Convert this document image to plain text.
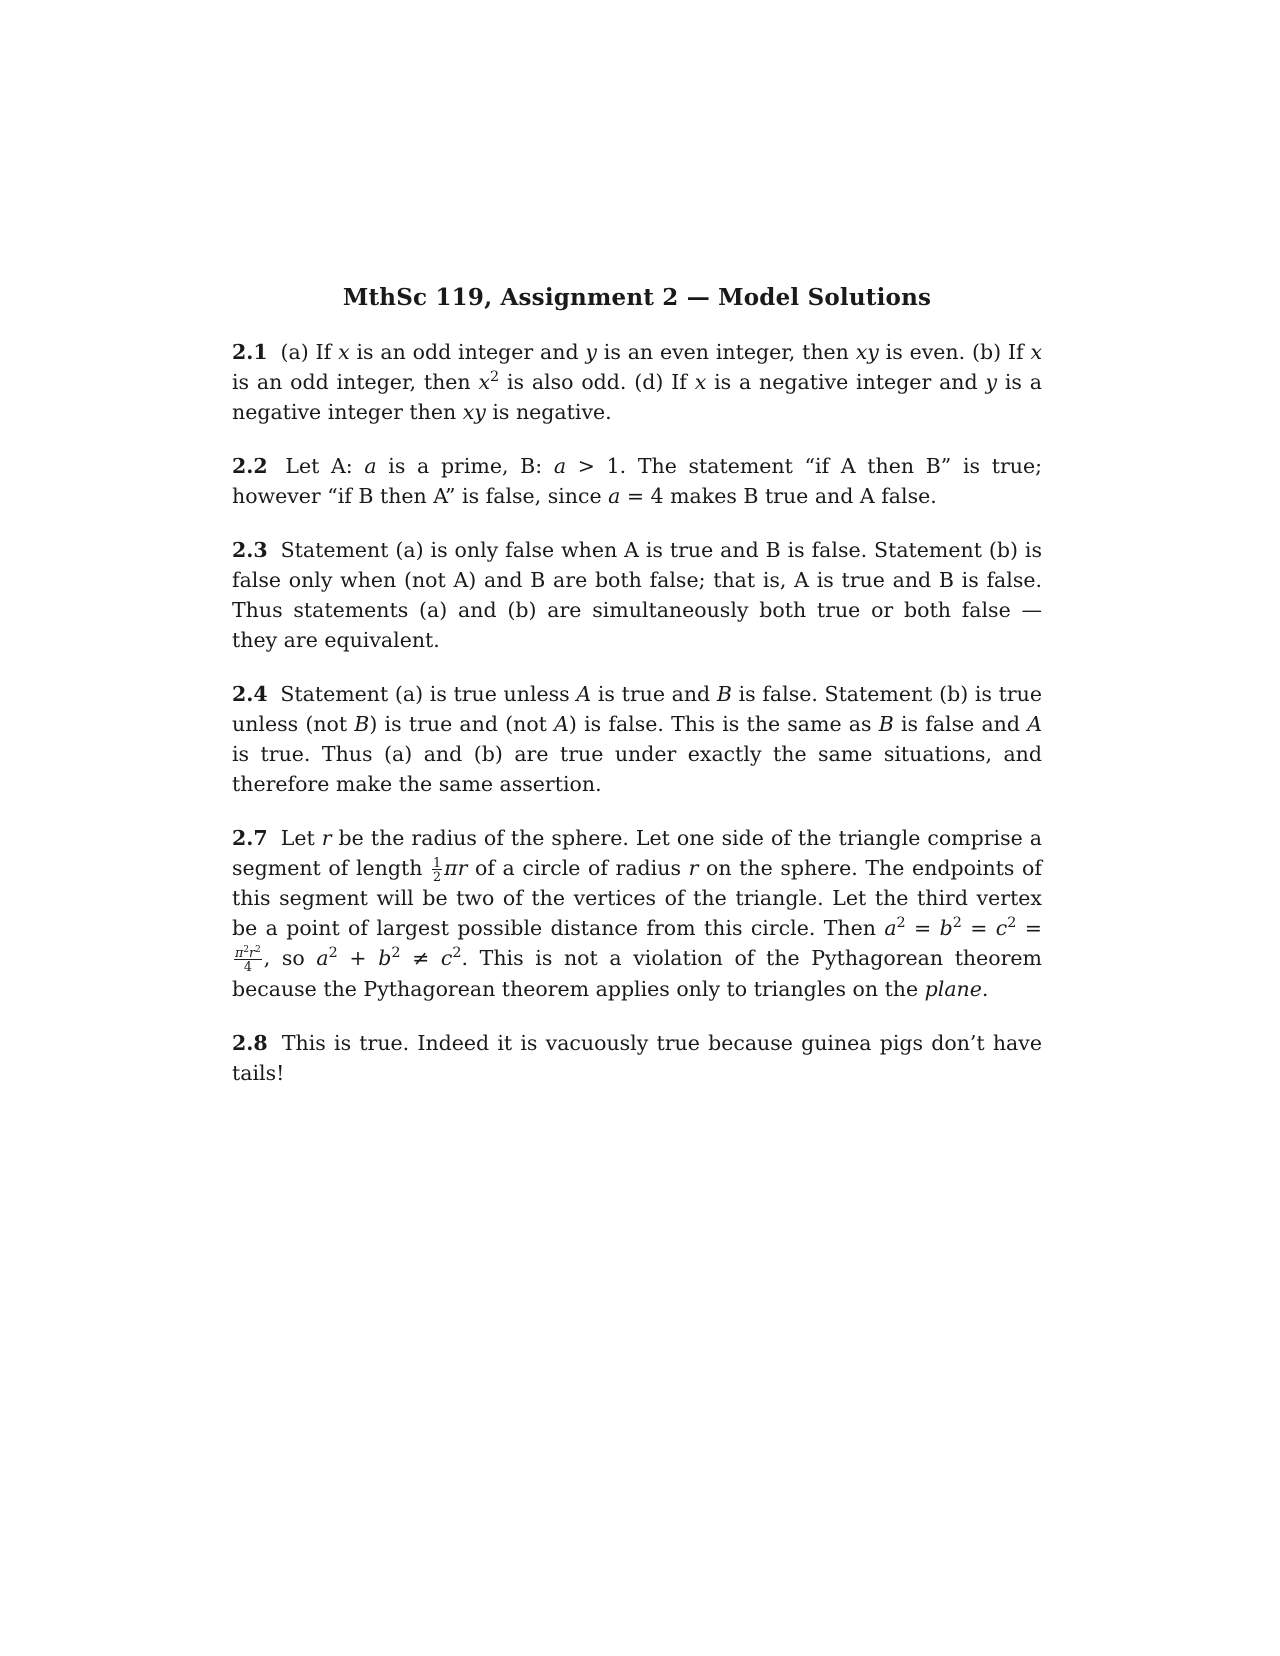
MthSc 119, Assignment 2 — Model Solutions
2.1 (a) If x is an odd integer and y is an even integer, then xy is even. (b) If x is an odd integer, then $x^2$ is also odd. (d) If x is a negative integer and y is a negative integer then xy is negative.
2.2 Let A: a is a prime, B: a > 1. The statement “if A then B” is true; however “if B then A” is false, since a = 4 makes B true and A false.
2.3 Statement (a) is only false when A is true and B is false. Statement (b) is false only when (not A) and B are both false; that is, A is true and B is false. Thus statements (a) and (b) are simultaneously both true or both false — they are equivalent.
2.4 Statement (a) is true unless A is true and B is false. Statement (b) is true unless (not B) is true and (not A) is false. This is the same as B is false and A is true. Thus (a) and (b) are true under exactly the same situations, and therefore make the same assertion.
2.7 Let r be the radius of the sphere. Let one side of the triangle comprise a segment of length $\frac{1}{2}$ πr of a circle of radius r on the sphere. The endpoints of this segment will be two of the vertices of the triangle. Let the third vertex be a point of largest possible distance from this circle. Then $a^2 = b^2 = c^2$ =
$\frac{\pi^2r^2}{4}$ , so $a^2 + b^2 \ne c^2$. This is not a violation of the Pythagorean theorem because the Pythagorean theorem applies only to triangles on the plane.
2.8 This is true. Indeed it is vacuously true because guinea pigs don’t have tails!
